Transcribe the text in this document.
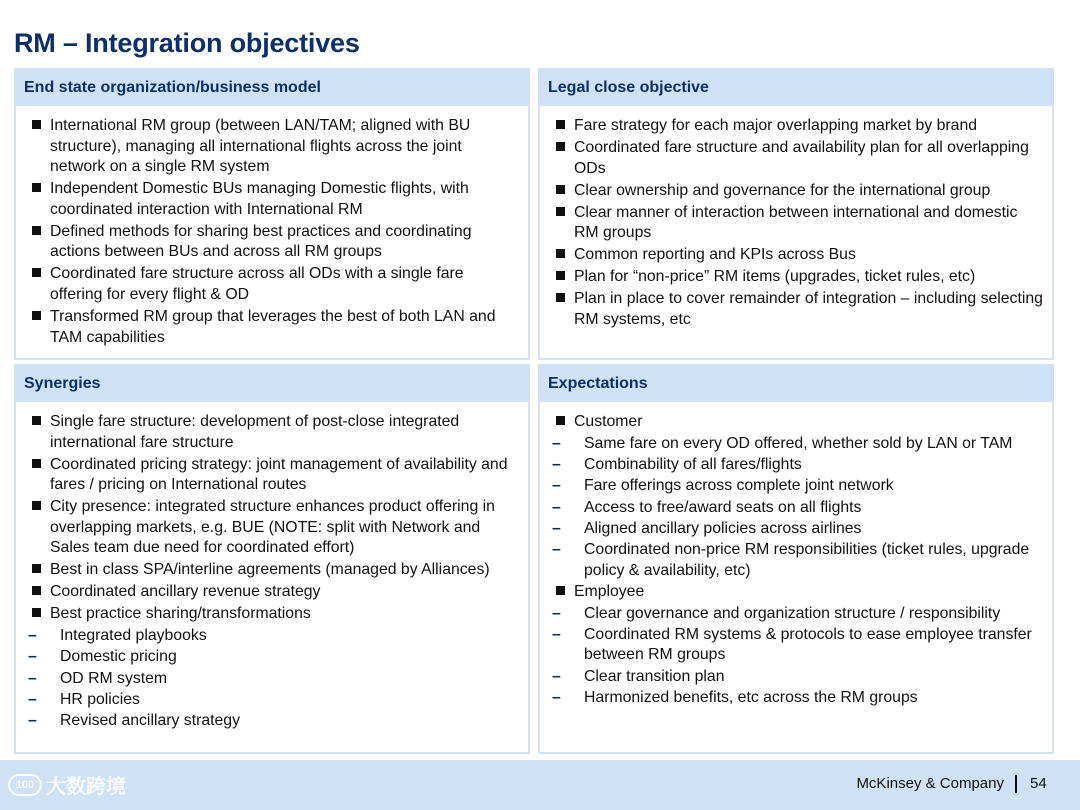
RM – Integration objectives
End state organization/business model
International RM group (between LAN/TAM; aligned with BU structure), managing all international flights across the joint network on a single RM system
Independent Domestic BUs managing Domestic flights, with coordinated interaction with International RM
Defined methods for sharing best practices and coordinating actions between BUs and across all RM groups
Coordinated fare structure across all ODs with a single fare offering for every flight & OD
Transformed RM group that leverages the best of both LAN and TAM capabilities
Legal close objective
Fare strategy for each major overlapping market by brand
Coordinated fare structure and availability plan for all overlapping ODs
Clear ownership and governance for the international group
Clear manner of interaction between international and domestic RM groups
Common reporting and KPIs across Bus
Plan for “non-price” RM items (upgrades, ticket rules, etc)
Plan in place to cover remainder of integration – including selecting RM systems, etc
Synergies
Single fare structure: development of post-close integrated international fare structure
Coordinated pricing strategy: joint management of availability and fares / pricing on International routes
City presence: integrated structure enhances product offering in overlapping markets, e.g. BUE (NOTE: split with Network and Sales team due need for coordinated effort)
Best in class SPA/interline agreements (managed by Alliances)
Coordinated ancillary revenue strategy
Best practice sharing/transformations
– Integrated playbooks
– Domestic pricing
– OD RM system
– HR policies
– Revised ancillary strategy
Expectations
Customer
– Same fare on every OD offered, whether sold by LAN or TAM
– Combinability of all fares/flights
– Fare offerings across complete joint network
– Access to free/award seats on all flights
– Aligned ancillary policies across airlines
– Coordinated non-price RM responsibilities (ticket rules, upgrade policy & availability, etc)
Employee
– Clear governance and organization structure / responsibility
– Coordinated RM systems & protocols to ease employee transfer between RM groups
– Clear transition plan
– Harmonized benefits, etc across the RM groups
100 大数跨境	McKinsey & Company 54
